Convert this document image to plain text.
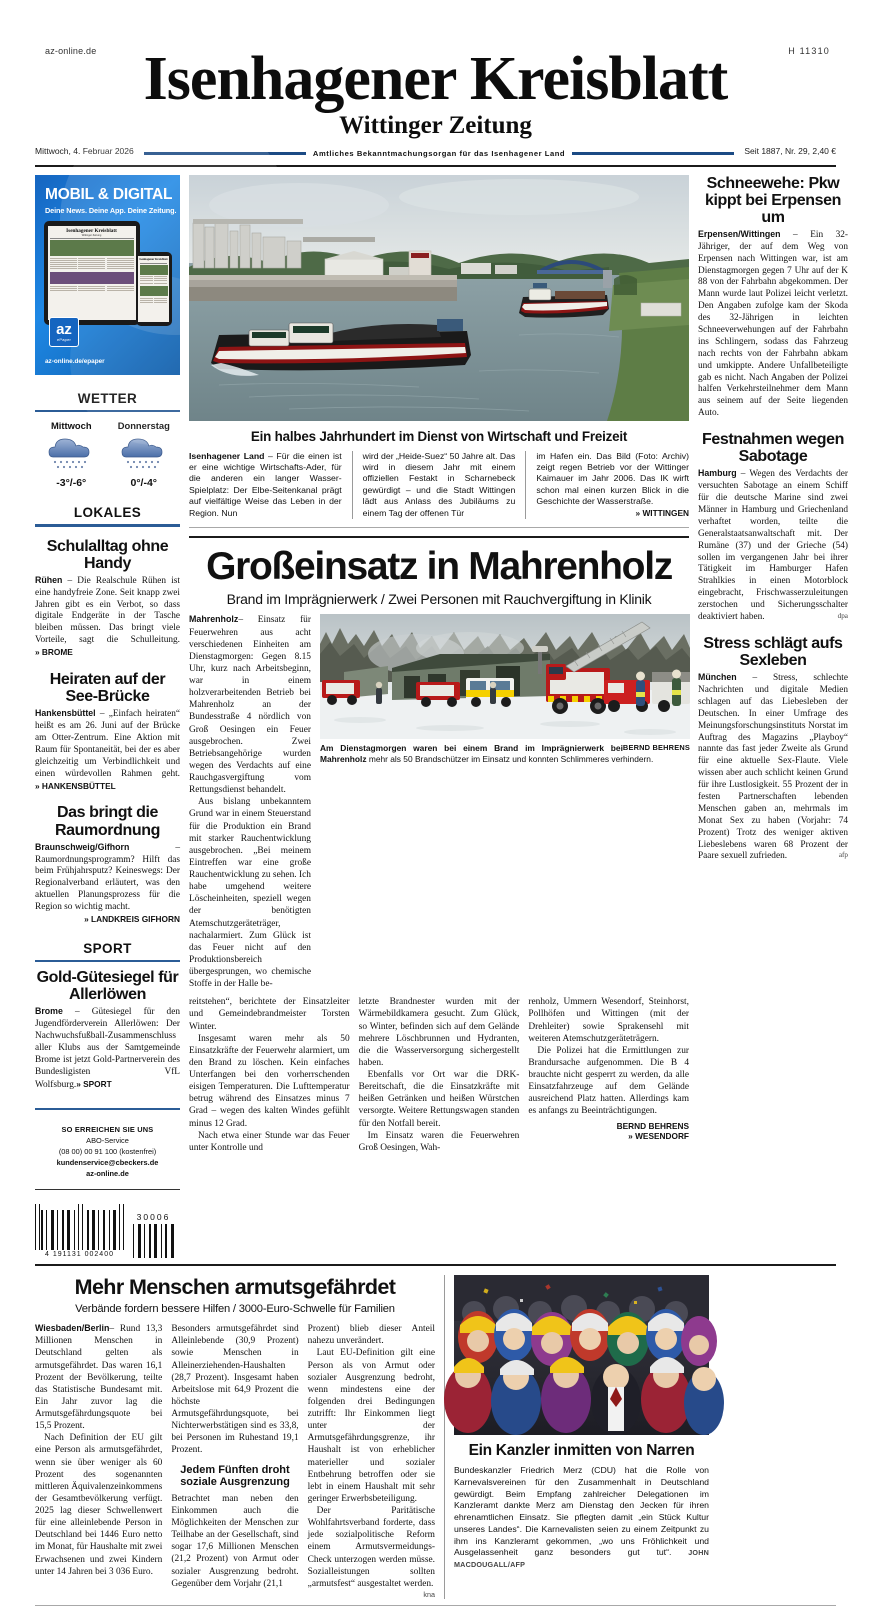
az-online.de	H 11310
Isenhagener Kreisblatt
Wittinger Zeitung
Mittwoch, 4. Februar 2026	Amtliches Bekanntmachungsorgan für das Isenhagener Land	Seit 1887, Nr. 29, 2,40 €
MOBIL & DIGITAL
Deine News. Deine App. Deine Zeitung.
Isenhagener Kreisblatt
Wittinger Zeitung
Isenhagener Kreisblatt
az
ePaper
az-online.de/epaper
WETTER
Mittwoch
-3°/-6°
Donnerstag
0°/-4°
LOKALES
Schulalltag ohne Handy
Rühen – Die Realschule Rühen ist eine handyfreie Zone. Seit knapp zwei Jahren gibt es ein Verbot, so dass digitale Endgeräte in der Tasche bleiben müssen. Das bringt viele Vorteile, sagt die Schulleitung. » BROME
Heiraten auf der See-Brücke
Hankensbüttel – „Einfach heiraten“ heißt es am 26. Juni auf der Brücke am Otter-Zentrum. Eine Aktion mit Raum für Spontaneität, bei der es aber gleichzeitig um Verbindlichkeit und einen würdevollen Rahmen geht. » HANKENSBÜTTEL
Das bringt die Raumordnung
Braunschweig/Gifhorn	– Raumordnungsprogramm? Hilft das beim Frühjahrsputz? Keineswegs: Der Regionalverband erläutert, was den aktuellen Planungsprozess für die Region so wichtig macht.
» LANDKREIS GIFHORN
SPORT
Gold-Gütesiegel für Allerlöwen
Brome – Gütesiegel für den Jugendförderverein Allerlöwen: Der Nachwuchsfußball-Zusammenschluss aller Klubs aus der Samtgemeinde Brome ist jetzt Gold-Partnerverein des Bundesligisten VfL Wolfsburg.» SPORT
SO ERREICHEN SIE UNS
ABO-Service
(08 00) 00 91 100 (kostenfrei)
kundenservice@cbeckers.de
az-online.de
4 191131 002400
30006
Ein halbes Jahrhundert im Dienst von Wirtschaft und Freizeit
Isenhagener Land – Für die einen ist er eine wichtige Wirtschafts-Ader, für die anderen ein langer Wasser-Spielplatz: Der Elbe-Seitenkanal prägt auf vielfältige Weise das Leben in der Region. Nun
wird der „Heide-Suez“ 50 Jahre alt. Das wird in diesem Jahr mit einem offiziellen Festakt in Scharnebeck gewürdigt – und die Stadt Wittingen lädt aus Anlass des Jubiläums zu einem Tag der offenen Tür
im Hafen ein. Das Bild (Foto: Archiv) zeigt regen Betrieb vor der Wittinger Kaimauer im Jahr 2006. Das IK wirft schon mal einen kurzen Blick in die Geschichte der Wasserstraße.
» WITTINGEN
Großeinsatz in Mahrenholz
Brand im Imprägnierwerk / Zwei Personen mit Rauchvergiftung in Klinik

Mahrenholz– Einsatz für Feuerwehren aus acht verschiedenen Einheiten am Dienstagmorgen: Gegen 8.15 Uhr, kurz nach Arbeitsbeginn, war in einem holzverarbeitenden Betrieb bei Mahrenholz an der Bundesstraße 4 nördlich von Groß Oesingen ein Feuer ausgebrochen. Zwei Betriebsangehörige wurden wegen des Verdachts auf eine Rauchgasvergiftung vom Rettungsdienst behandelt.

Aus bislang unbekanntem Grund war in einem Steuerstand für die Produktion ein Brand mit starker Rauchentwicklung ausgebrochen. „Bei meinem Eintreffen war eine große Rauchentwicklung zu sehen. Ich habe umgehend weitere Löscheinheiten, speziell wegen der benötigten Atemschutzgeräteträger, nachalarmiert. Zum Glück ist das Feuer nicht auf den Produktionsbereich übergesprungen, wo chemische Stoffe in der Halle be-

BERND BEHRENS
Am Dienstagmorgen waren bei einem Brand im Imprägnierwerk bei Mahrenholz mehr als 50 Brandschützer im Einsatz und konnten Schlimmeres verhindern.

reitstehen“, berichtete der Einsatzleiter und Gemeindebrandmeister Torsten Winter.

Insgesamt waren mehr als 50 Einsatzkräfte der Feuerwehr alarmiert, um den Brand zu löschen. Kein einfaches Unterfangen bei den vorherrschenden eisigen Temperaturen. Die Lufttemperatur betrug während des Einsatzes minus 7 Grad – wegen des kalten Windes gefühlt minus 12 Grad.

Nach etwa einer Stunde war das Feuer unter Kontrolle und

letzte Brandnester wurden mit der Wärmebildkamera gesucht. Zum Glück, so Winter, befinden sich auf dem Gelände mehrere Löschbrunnen und Hydranten, die die Wasserversorgung sichergestellt haben.

Ebenfalls vor Ort war die DRK-Bereitschaft, die die Einsatzkräfte mit heißen Getränken und heißen Würstchen versorgte. Weitere Rettungswagen standen für den Notfall bereit.

Im Einsatz waren die Feuerwehren Groß Oesingen, Wah-

renholz, Ummern Wesendorf, Steinhorst, Pollhöfen und Wittingen (mit der Drehleiter) sowie Sprakensehl mit weiteren Atemschutzgeräteträgern.

Die Polizei hat die Ermittlungen zur Brandursache aufgenommen. Die B 4 brauchte nicht gesperrt zu werden, da alle Einsatzfahrzeuge auf dem Gelände ausreichend Platz hatten. Allerdings kam es anfangs zu Beeinträchtigungen.

BERND BEHRENS
» WESENDORF
Schneewehe: Pkw kippt bei Erpensen um
Erpensen/Wittingen – Ein 32-Jähriger, der auf dem Weg von Erpensen nach Wittingen war, ist am Dienstagmorgen gegen 7 Uhr auf der K 88 von der Fahrbahn abgekommen. Der Mann wurde laut Polizei leicht verletzt. Den Angaben zufolge kam der Skoda des 32-Jährigen in leichten Schneeverwehungen auf der Fahrbahn ins Schlingern, sodass das Fahrzeug nach rechts von der Fahrbahn abkam und umkippte. Andere Unfallbeteiligte gab es nicht. Nach Angaben der Polizei halfen Verkehrsteilnehmer dem Mann aus seinem auf der Seite liegenden Auto.
Festnahmen wegen Sabotage
Hamburg – Wegen des Verdachts der versuchten Sabotage an einem Schiff für die deutsche Marine sind zwei Männer in Hamburg und Griechenland verhaftet worden, teilte die Generalstaatsanwaltschaft mit. Der Rumäne (37) und der Grieche (54) sollen im vergangenen Jahr bei ihrer Tätigkeit im Hamburger Hafen Strahlkies in einen Motorblock eingebracht, Frischwasserzuleitungen zerstochen und Sicherungsschalter deaktiviert haben.	dpa
Stress schlägt aufs Sexleben
München – Stress, schlechte Nachrichten und digitale Medien schlagen auf das Liebesleben der Deutschen. In einer Umfrage des Meinungsforschungsinstituts Norstat im Auftrag des Magazins „Playboy“ nannte das fast jeder Zweite als Grund für eine aktuelle Sex-Flaute. Viele wissen aber auch schlicht keinen Grund für ihre Lustlosigkeit. 55 Prozent der in festen Partnerschaften lebenden Menschen gaben an, mehrmals im Monat Sex zu haben (Vorjahr: 74 Prozent) Trotz des weniger aktiven Liebeslebens waren 68 Prozent der Paare sexuell zufrieden.	afp
Mehr Menschen armutsgefährdet
Verbände fordern bessere Hilfen / 3000-Euro-Schwelle für Familien

Wiesbaden/Berlin– Rund 13,3 Millionen Menschen in Deutschland gelten als armutsgefährdet. Das waren 16,1 Prozent der Bevölkerung, teilte das Statistische Bundesamt mit. Ein Jahr zuvor lag die Armutsgefährdungsquote bei 15,5 Prozent.

Nach Definition der EU gilt eine Person als armutsgefährdet, wenn sie über weniger als 60 Prozent des sogenannten mittleren Äquivalenzeinkommens der Gesamtbevölkerung verfügt. 2025 lag dieser Schwellenwert für eine alleinlebende Person in Deutschland bei 1446 Euro netto im Monat, für Haushalte mit zwei Erwachsenen und zwei Kindern unter 14 Jahren bei 3 036 Euro.

Besonders armutsgefährdet sind Alleinlebende (30,9 Prozent) sowie Menschen in Alleinerziehenden-Haushalten (28,7 Prozent). Insgesamt haben Arbeitslose mit 64,9 Prozent die höchste Armutsgefährdungsquote, bei Nichterwerbstätigen sind es 33,8, bei Personen im Ruhestand 19,1 Prozent.

Jedem Fünften droht soziale Ausgrenzung

Betrachtet man neben den Einkommen auch die Möglichkeiten der Menschen zur Teilhabe an der Gesellschaft, sind sogar 17,6 Millionen Menschen (21,2 Prozent) von Armut oder sozialer Ausgrenzung bedroht. Gegenüber dem Vorjahr (21,1

Prozent) blieb dieser Anteil nahezu unverändert.

Laut EU-Definition gilt eine Person als von Armut oder sozialer Ausgrenzung bedroht, wenn mindestens eine der folgenden drei Bedingungen zutrifft: Ihr Einkommen liegt unter der Armutsgefährdungsgrenze, ihr Haushalt ist von erheblicher materieller und sozialer Entbehrung betroffen oder sie lebt in einem Haushalt mit sehr geringer Erwerbsbeteiligung.

Der Paritätische Wohlfahrtsverband forderte, dass jede sozialpolitische Reform einem Armutsvermeidungs-Check unterzogen werden müsse. Sozialleistungen sollten „armutsfest“ ausgestaltet werden.

kna
Ein Kanzler inmitten von Narren
Bundeskanzler Friedrich Merz (CDU) hat die Rolle von Karnevalsvereinen für den Zusammenhalt in Deutschland gewürdigt. Beim Empfang zahlreicher Delegationen im Kanzleramt dankte Merz am Dienstag den Jecken für ihren ehrenamtlichen Einsatz. Sie pflegten damit „ein Stück Kultur unseres Landes“. Die Karnevalisten seien zu einem Zeitpunkt zu ihm ins Kanzleramt gekommen, „wo uns Fröhlichkeit und Ausgelassenheit ganz besonders gut tut“. JOHN MACDOUGALL/AFP
